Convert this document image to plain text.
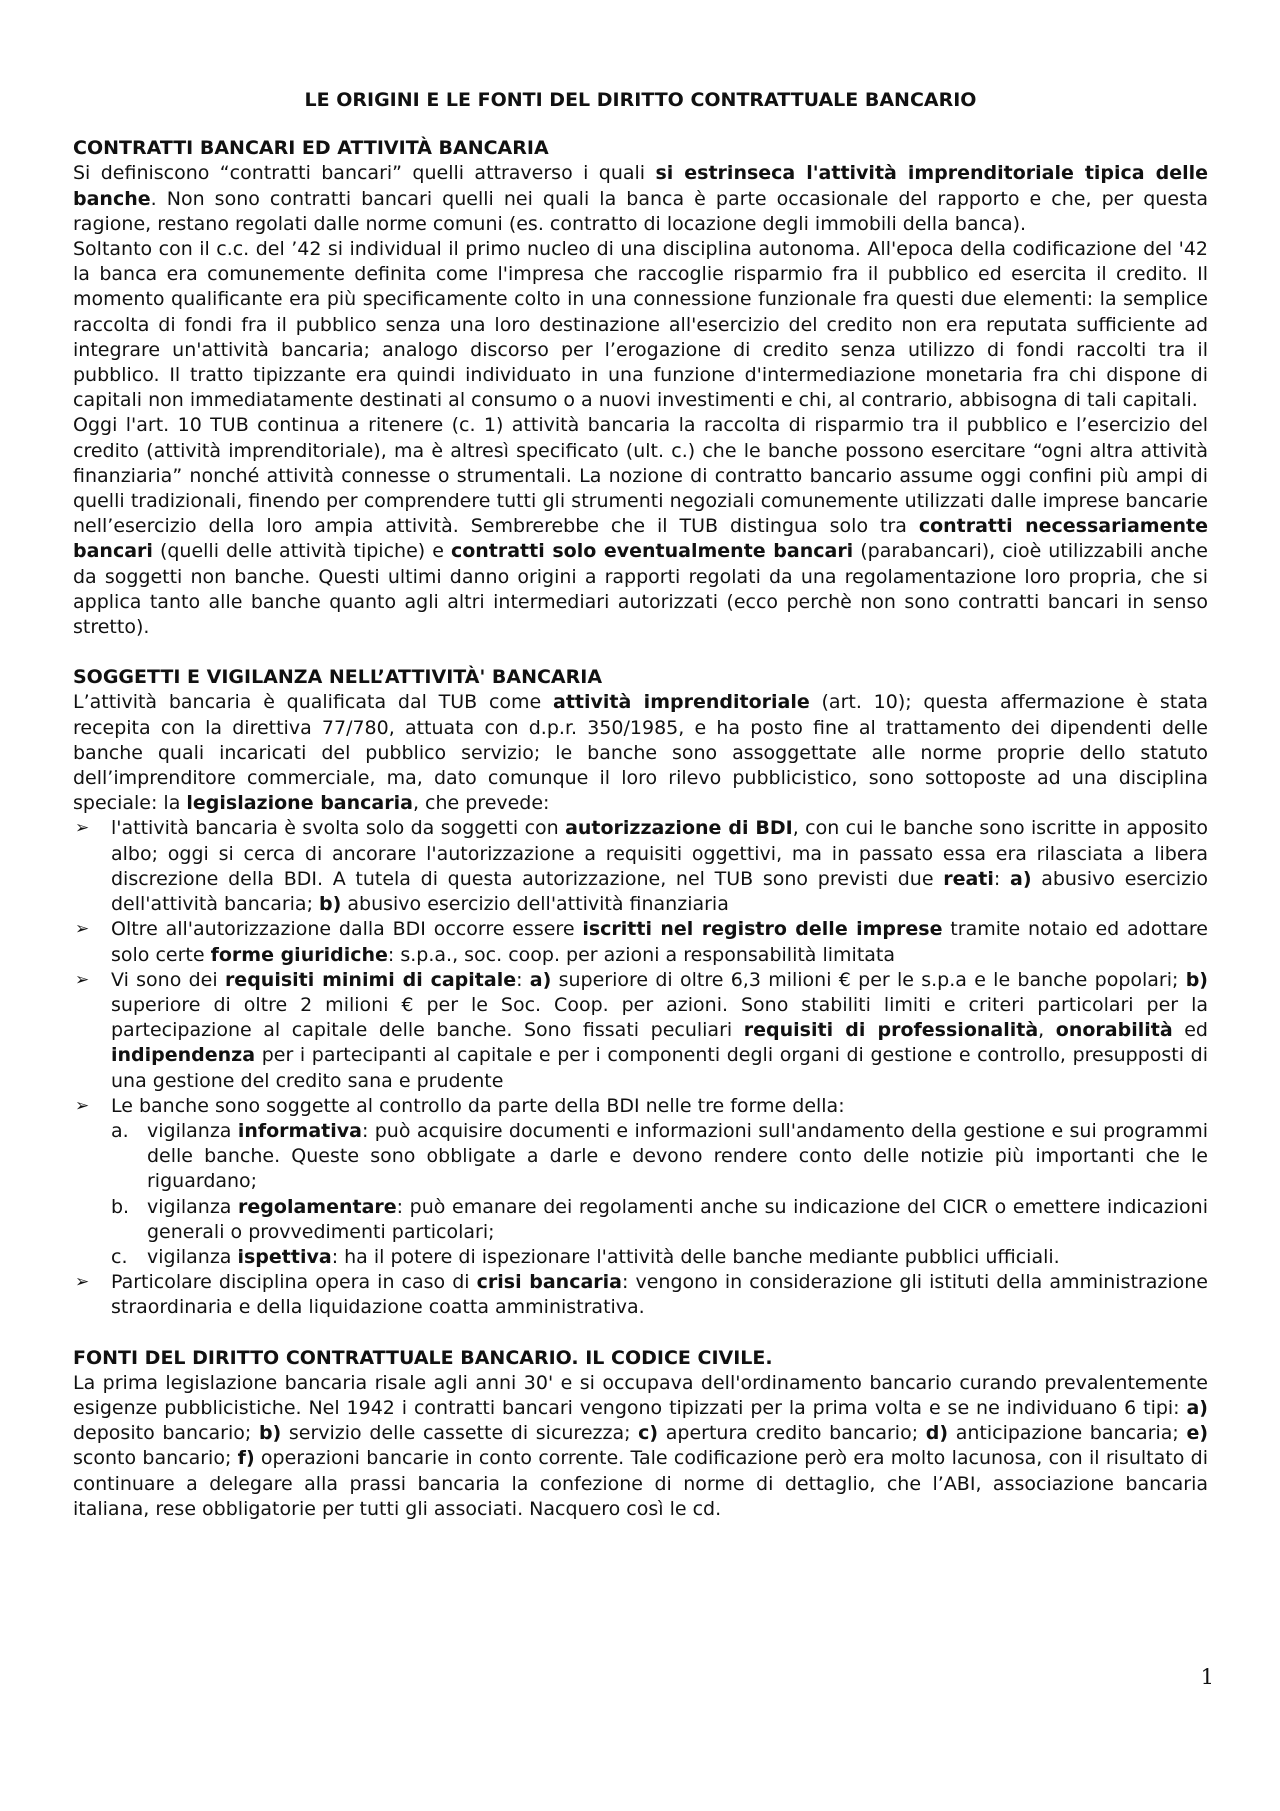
LE ORIGINI E LE FONTI DEL DIRITTO CONTRATTUALE BANCARIO
CONTRATTI BANCARI ED ATTIVITÀ BANCARIA

Si definiscono “contratti bancari” quelli attraverso i quali si estrinseca l'attività imprenditoriale tipica delle banche. Non sono contratti bancari quelli nei quali la banca è parte occasionale del rapporto e che, per questa ragione, restano regolati dalle norme comuni (es. contratto di locazione degli immobili della banca).

Soltanto con il c.c. del ’42 si individual il primo nucleo di una disciplina autonoma. All'epoca della codificazione del '42 la banca era comunemente definita come l'impresa che raccoglie risparmio fra il pubblico ed esercita il credito. Il momento qualificante era più specificamente colto in una connessione funzionale fra questi due elementi: la semplice raccolta di fondi fra il pubblico senza una loro destinazione all'esercizio del credito non era reputata sufficiente ad integrare un'attività bancaria; analogo discorso per l’erogazione di credito senza utilizzo di fondi raccolti tra il pubblico. Il tratto tipizzante era quindi individuato in una funzione d'intermediazione monetaria fra chi dispone di capitali non immediatamente destinati al consumo o a nuovi investimenti e chi, al contrario, abbisogna di tali capitali.

Oggi l'art. 10 TUB continua a ritenere (c. 1) attività bancaria la raccolta di risparmio tra il pubblico e l’esercizio del credito (attività imprenditoriale), ma è altresì specificato (ult. c.) che le banche possono esercitare “ogni altra attività finanziaria” nonché attività connesse o strumentali. La nozione di contratto bancario assume oggi confini più ampi di quelli tradizionali, finendo per comprendere tutti gli strumenti negoziali comunemente utilizzati dalle imprese bancarie nell’esercizio della loro ampia attività. Sembrerebbe che il TUB distingua solo tra contratti necessariamente bancari (quelli delle attività tipiche) e contratti solo eventualmente bancari (parabancari), cioè utilizzabili anche da soggetti non banche. Questi ultimi danno origini a rapporti regolati da una regolamentazione loro propria, che si applica tanto alle banche quanto agli altri intermediari autorizzati (ecco perchè non sono contratti bancari in senso stretto).

SOGGETTI E VIGILANZA NELL’ATTIVITÀ' BANCARIA

L’attività bancaria è qualificata dal TUB come attività imprenditoriale (art. 10); questa affermazione è stata recepita con la direttiva 77/780, attuata con d.p.r. 350/1985, e ha posto fine al trattamento dei dipendenti delle banche quali incaricati del pubblico servizio; le banche sono assoggettate alle norme proprie dello statuto dell’imprenditore commerciale, ma, dato comunque il loro rilevo pubblicistico, sono sottoposte ad una disciplina speciale: la legislazione bancaria, che prevede:

➢ l'attività bancaria è svolta solo da soggetti con autorizzazione di BDI, con cui le banche sono iscritte in apposito albo; oggi si cerca di ancorare l'autorizzazione a requisiti oggettivi, ma in passato essa era rilasciata a libera discrezione della BDI. A tutela di questa autorizzazione, nel TUB sono previsti due reati: a) abusivo esercizio dell'attività bancaria; b) abusivo esercizio dell'attività finanziaria
➢ Oltre all'autorizzazione dalla BDI occorre essere iscritti nel registro delle imprese tramite notaio ed adottare solo certe forme giuridiche: s.p.a., soc. coop. per azioni a responsabilità limitata
➢ Vi sono dei requisiti minimi di capitale: a) superiore di oltre 6,3 milioni € per le s.p.a e le banche popolari; b) superiore di oltre 2 milioni € per le Soc. Coop. per azioni. Sono stabiliti limiti e criteri particolari per la partecipazione al capitale delle banche. Sono fissati peculiari requisiti di professionalità, onorabilità ed indipendenza per i partecipanti al capitale e per i componenti degli organi di gestione e controllo, presupposti di una gestione del credito sana e prudente
➢ Le banche sono soggette al controllo da parte della BDI nelle tre forme della:
a. vigilanza informativa: può acquisire documenti e informazioni sull'andamento della gestione e sui programmi delle banche. Queste sono obbligate a darle e devono rendere conto delle notizie più importanti che le riguardano;
b. vigilanza regolamentare: può emanare dei regolamenti anche su indicazione del CICR o emettere indicazioni generali o provvedimenti particolari;
c. vigilanza ispettiva: ha il potere di ispezionare l'attività delle banche mediante pubblici ufficiali.
➢ Particolare disciplina opera in caso di crisi bancaria: vengono in considerazione gli istituti della amministrazione straordinaria e della liquidazione coatta amministrativa.
FONTI DEL DIRITTO CONTRATTUALE BANCARIO. IL CODICE CIVILE.

La prima legislazione bancaria risale agli anni 30' e si occupava dell'ordinamento bancario curando prevalentemente esigenze pubblicistiche. Nel 1942 i contratti bancari vengono tipizzati per la prima volta e se ne individuano 6 tipi: a) deposito bancario; b) servizio delle cassette di sicurezza; c) apertura credito bancario; d) anticipazione bancaria; e) sconto bancario; f) operazioni bancarie in conto corrente. Tale codificazione però era molto lacunosa, con il risultato di continuare a delegare alla prassi bancaria la confezione di norme di dettaglio, che l’ABI, associazione bancaria italiana, rese obbligatorie per tutti gli associati. Nacquero così le cd.

1
